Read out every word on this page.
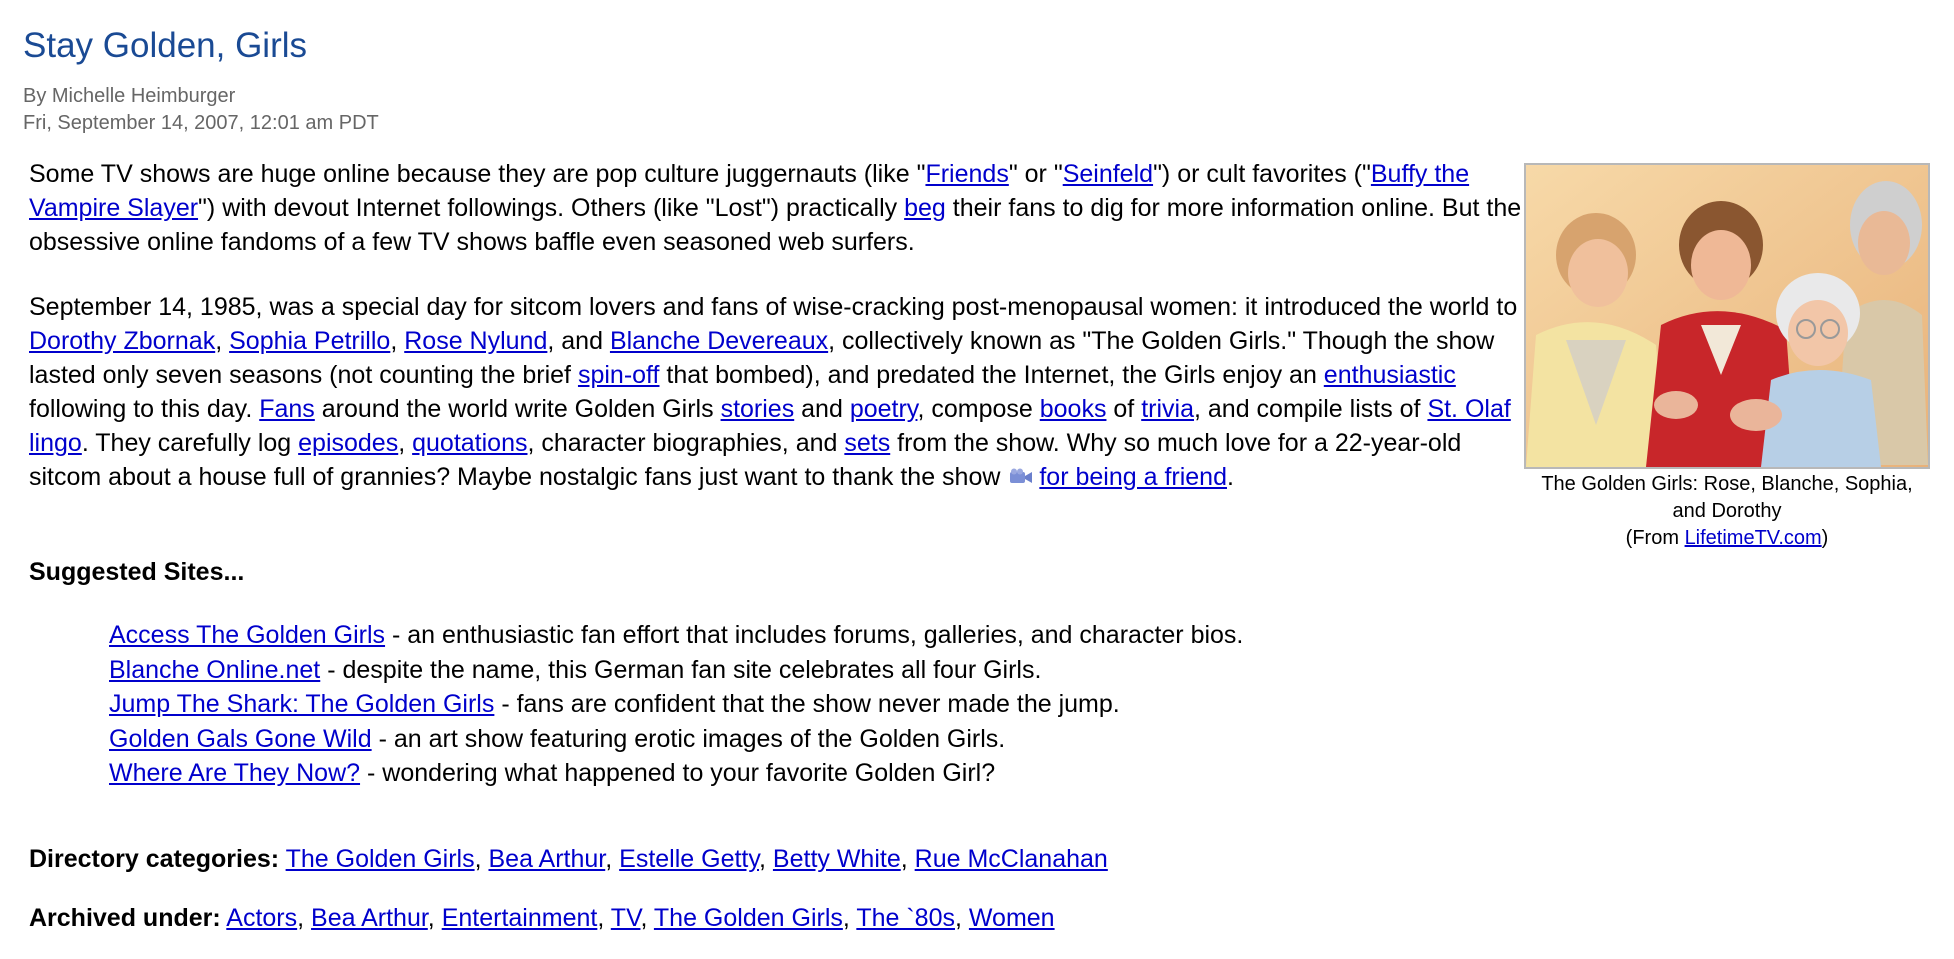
Stay Golden, Girls
By Michelle Heimburger
Fri, September 14, 2007, 12:01 am PDT

Some TV shows are huge online because they are pop culture juggernauts (like "Friends" or "Seinfeld") or cult favorites ("Buffy the Vampire Slayer") with devout Internet followings. Others (like "Lost") practically beg their fans to dig for more information online. But the obsessive online fandoms of a few TV shows baffle even seasoned web surfers.

September 14, 1985, was a special day for sitcom lovers and fans of wise-cracking post-menopausal women: it introduced the world to Dorothy Zbornak, Sophia Petrillo, Rose Nylund, and Blanche Devereaux, collectively known as "The Golden Girls." Though the show lasted only seven seasons (not counting the brief spin-off that bombed), and predated the Internet, the Girls enjoy an enthusiastic following to this day. Fans around the world write Golden Girls stories and poetry, compose books of trivia, and compile lists of St. Olaf lingo. They carefully log episodes, quotations, character biographies, and sets from the show. Why so much love for a 22-year-old sitcom about a house full of grannies? Maybe nostalgic fans just want to thank the show for being a friend.	The Golden Girls: Rose, Blanche, Sophia, and Dorothy
(From LifetimeTV.com)
Suggested Sites...
Access The Golden Girls - an enthusiastic fan effort that includes forums, galleries, and character bios.
Blanche Online.net - despite the name, this German fan site celebrates all four Girls.
Jump The Shark: The Golden Girls - fans are confident that the show never made the jump.
Golden Gals Gone Wild - an art show featuring erotic images of the Golden Girls.
Where Are They Now? - wondering what happened to your favorite Golden Girl?
Directory categories: The Golden Girls, Bea Arthur, Estelle Getty, Betty White, Rue McClanahan
Archived under: Actors, Bea Arthur, Entertainment, TV, The Golden Girls, The `80s, Women
